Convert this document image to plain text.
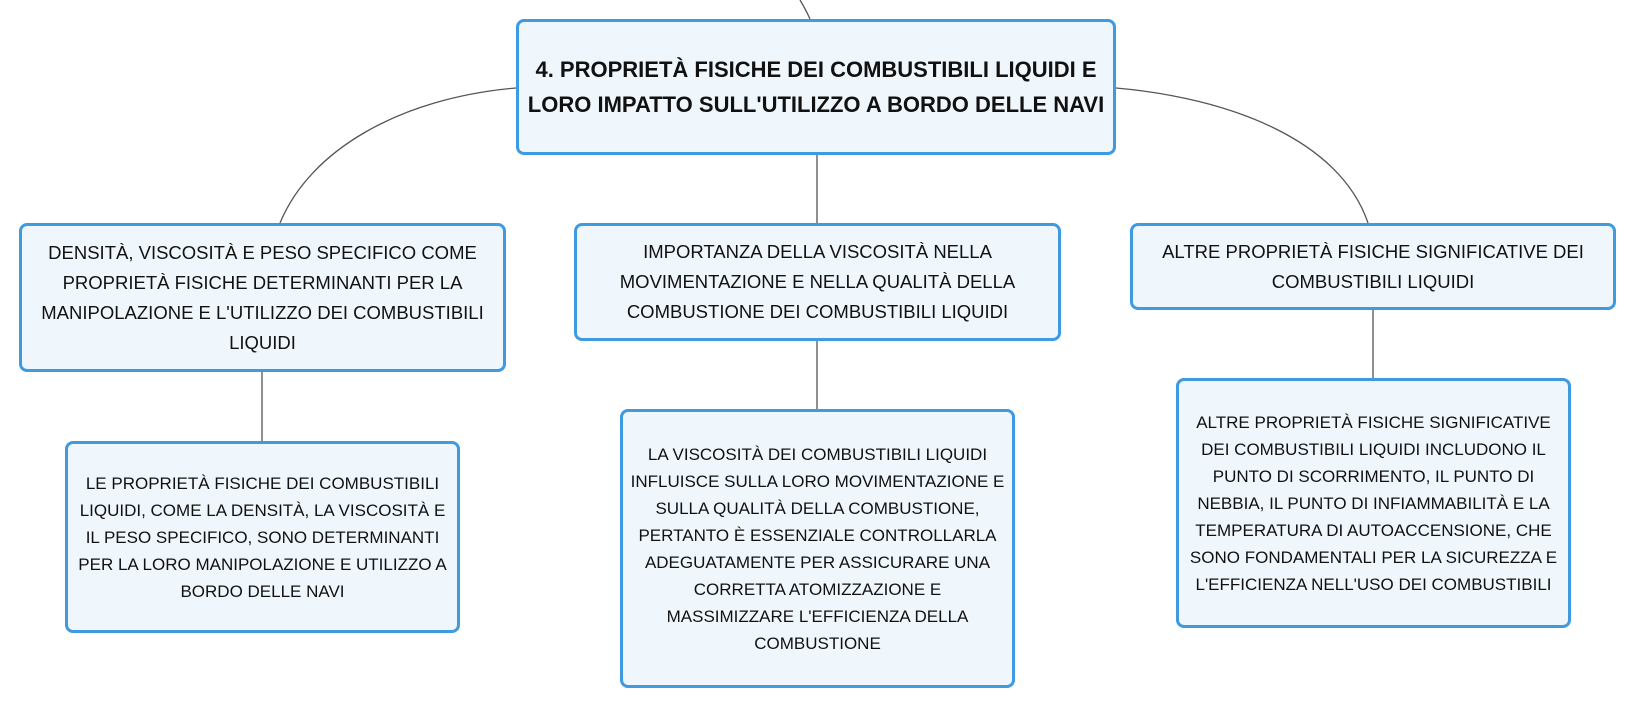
4. PROPRIETÀ FISICHE DEI COMBUSTIBILI LIQUIDI E LORO IMPATTO SULL'UTILIZZO A BORDO DELLE NAVI
DENSITÀ, VISCOSITÀ E PESO SPECIFICO COME PROPRIETÀ FISICHE DETERMINANTI PER LA MANIPOLAZIONE E L'UTILIZZO DEI COMBUSTIBILI LIQUIDI
IMPORTANZA DELLA VISCOSITÀ NELLA MOVIMENTAZIONE E NELLA QUALITÀ DELLA COMBUSTIONE DEI COMBUSTIBILI LIQUIDI
ALTRE PROPRIETÀ FISICHE SIGNIFICATIVE DEI COMBUSTIBILI LIQUIDI
LE PROPRIETÀ FISICHE DEI COMBUSTIBILI LIQUIDI, COME LA DENSITÀ, LA VISCOSITÀ E IL PESO SPECIFICO, SONO DETERMINANTI PER LA LORO MANIPOLAZIONE E UTILIZZO A BORDO DELLE NAVI
LA VISCOSITÀ DEI COMBUSTIBILI LIQUIDI INFLUISCE SULLA LORO MOVIMENTAZIONE E SULLA QUALITÀ DELLA COMBUSTIONE, PERTANTO È ESSENZIALE CONTROLLARLA ADEGUATAMENTE PER ASSICURARE UNA CORRETTA ATOMIZZAZIONE E MASSIMIZZARE L'EFFICIENZA DELLA COMBUSTIONE
ALTRE PROPRIETÀ FISICHE SIGNIFICATIVE DEI COMBUSTIBILI LIQUIDI INCLUDONO IL PUNTO DI SCORRIMENTO, IL PUNTO DI NEBBIA, IL PUNTO DI INFIAMMABILITÀ E LA TEMPERATURA DI AUTOACCENSIONE, CHE SONO FONDAMENTALI PER LA SICUREZZA E L'EFFICIENZA NELL'USO DEI COMBUSTIBILI
